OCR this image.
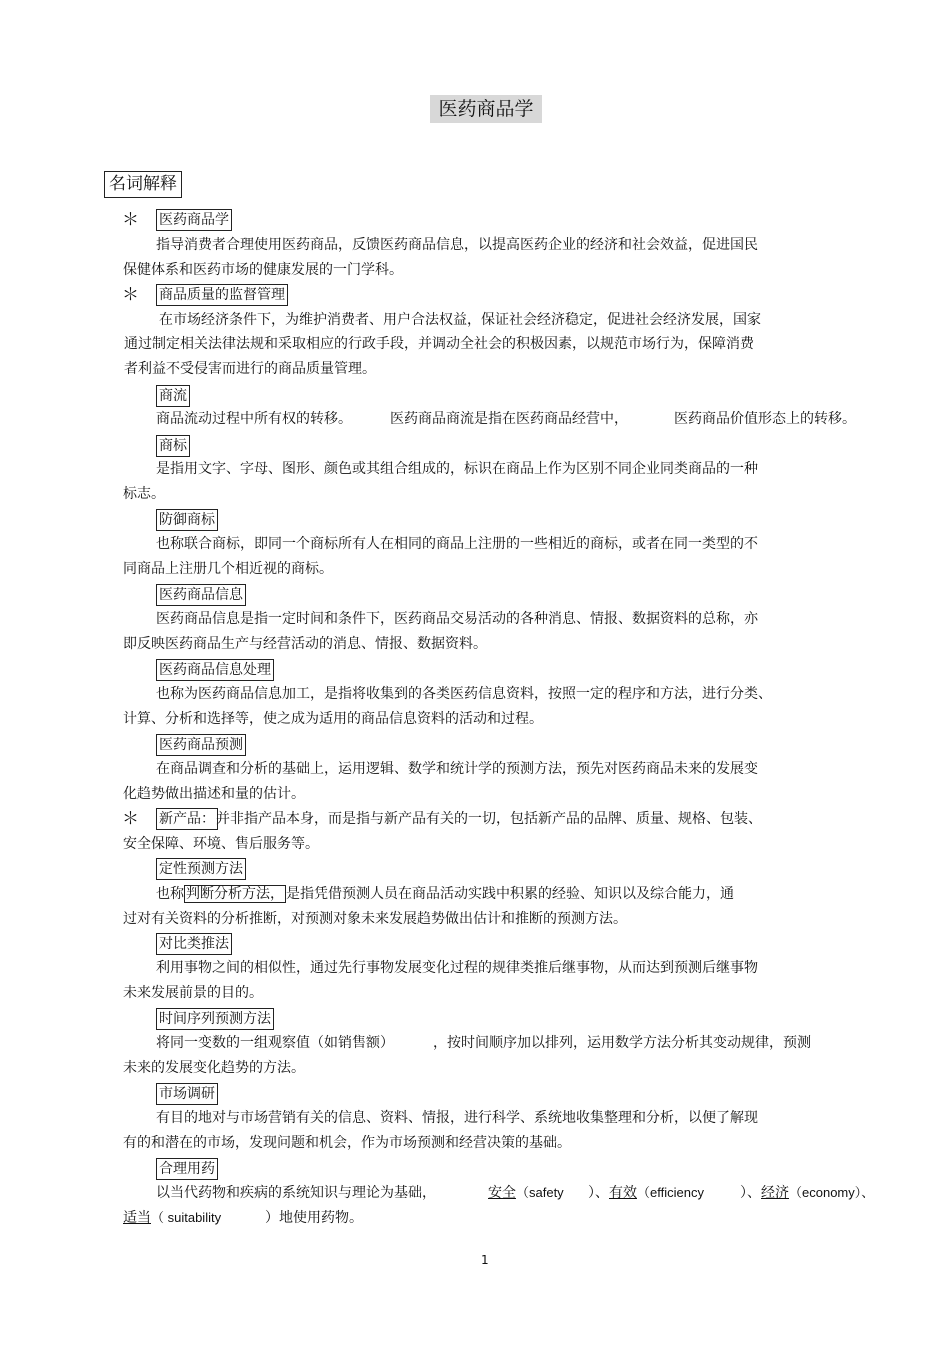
医药商品学
名词解释
＊ 医药商品学
指导消费者合理使用医药商品，反馈医药商品信息，以提高医药企业的经济和社会效益，促进国民
保健体系和医药市场的健康发展的一门学科。
＊ 商品质量的监督管理
在市场经济条件下，为维护消费者、用户合法权益，保证社会经济稳定，促进社会经济发展，国家
通过制定相关法律法规和采取相应的行政手段，并调动全社会的积极因素，以规范市场行为，保障消费
者利益不受侵害而进行的商品质量管理。
商流
商品流动过程中所有权的转移。	医药商品商流是指在医药商品经营中，	医药商品价值形态上的转移。
商标
是指用文字、字母、图形、颜色或其组合组成的，标识在商品上作为区别不同企业同类商品的一种
标志。
防御商标
也称联合商标，即同一个商标所有人在相同的商品上注册的一些相近的商标，或者在同一类型的不
同商品上注册几个相近视的商标。
医药商品信息
医药商品信息是指一定时间和条件下，医药商品交易活动的各种消息、情报、数据资料的总称，亦
即反映医药商品生产与经营活动的消息、情报、数据资料。
医药商品信息处理
也称为医药商品信息加工，是指将收集到的各类医药信息资料，按照一定的程序和方法，进行分类、
计算、分析和选择等，使之成为适用的商品信息资料的活动和过程。
医药商品预测
在商品调查和分析的基础上，运用逻辑、数学和统计学的预测方法，预先对医药商品未来的发展变
化趋势做出描述和量的估计。
＊ 新产品： 并非指产品本身，而是指与新产品有关的一切，包括新产品的品牌、质量、规格、包装、
安全保障、环境、售后服务等。
定性预测方法
也称 判断分析方法， 是指凭借预测人员在商品活动实践中积累的经验、知识以及综合能力，通
过对有关资料的分析推断，对预测对象未来发展趋势做出估计和推断的预测方法。
对比类推法
利用事物之间的相似性，通过先行事物发展变化过程的规律类推后继事物，从而达到预测后继事物
未来发展前景的目的。
时间序列预测方法
将同一变数的一组观察值（如销售额）	，按时间顺序加以排列，运用数学方法分析其变动规律，预测
未来的发展变化趋势的方法。
市场调研
有目的地对与市场营销有关的信息、资料、情报，进行科学、系统地收集整理和分析，以便了解现
有的和潜在的市场，发现问题和机会，作为市场预测和经营决策的基础。
合理用药
以当代药物和疾病的系统知识与理论为基础，	安全（safety ）、有效（efficiency	）、经济（economy）、
适当（ suitability	）地使用药物。
1
